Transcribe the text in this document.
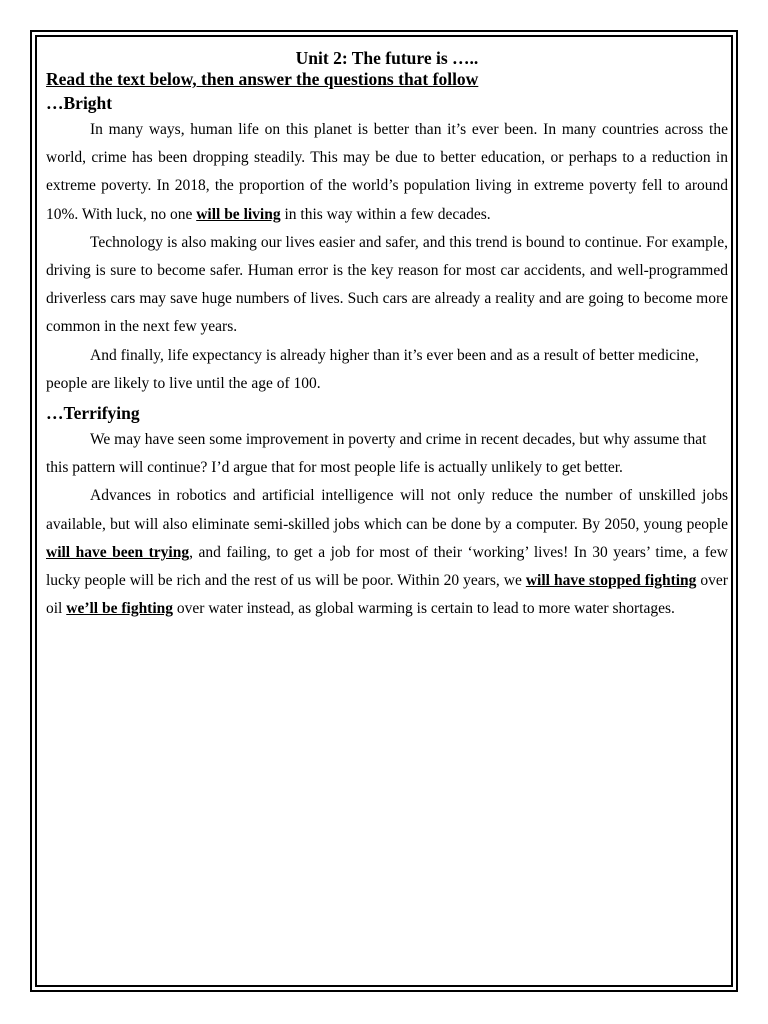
Unit 2: The future is …..

Read the text below, then answer the questions that follow

…Bright

In many ways, human life on this planet is better than it’s ever been. In many countries across the world, crime has been dropping steadily. This may be due to better education, or perhaps to a reduction in extreme poverty. In 2018, the proportion of the world’s population living in extreme poverty fell to around 10%. With luck, no one will be living in this way within a few decades.

Technology is also making our lives easier and safer, and this trend is bound to continue. For example, driving is sure to become safer. Human error is the key reason for most car accidents, and well-programmed driverless cars may save huge numbers of lives. Such cars are already a reality and are going to become more common in the next few years.

And finally, life expectancy is already higher than it’s ever been and as a result of better medicine, people are likely to live until the age of 100.

…Terrifying

We may have seen some improvement in poverty and crime in recent decades, but why assume that this pattern will continue? I’d argue that for most people life is actually unlikely to get better.

Advances in robotics and artificial intelligence will not only reduce the number of unskilled jobs available, but will also eliminate semi-skilled jobs which can be done by a computer. By 2050, young people will have been trying, and failing, to get a job for most of their ‘working’ lives! In 30 years’ time, a few lucky people will be rich and the rest of us will be poor. Within 20 years, we will have stopped fighting over oil we’ll be fighting over water instead, as global warming is certain to lead to more water shortages.
